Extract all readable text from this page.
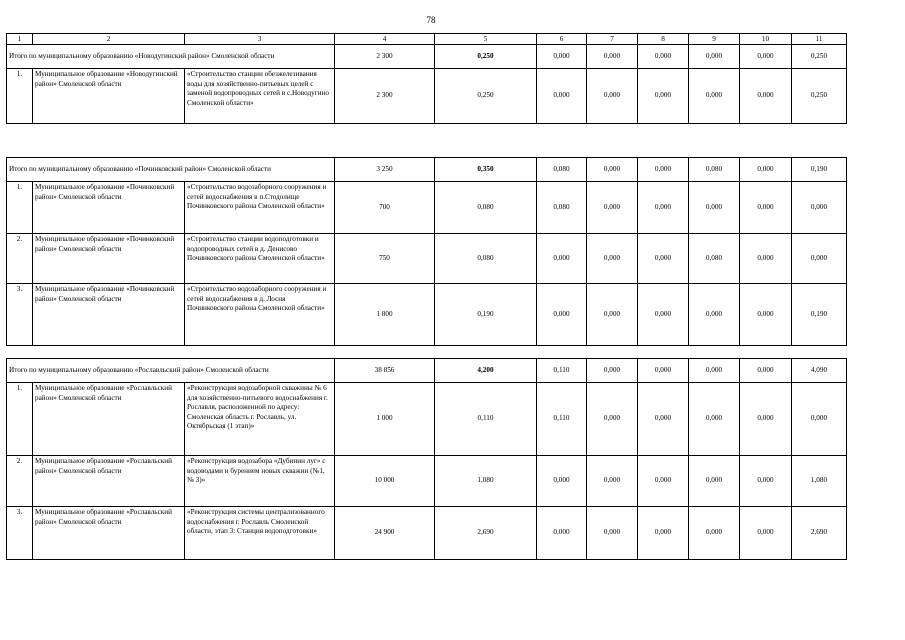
78
1	2	3	4	5	6	7	8	9	10	11
Итого по муниципальному образованию «Новодугинский район» Смоленской области			2 300	0,250	0,000	0,000	0,000	0,000	0,000	0,250
1.	Муниципальное образование «Новодугинский район» Смоленской области	«Строительство станции обезжелезивания воды для хозяйственно-питьевых целей с заменой водопроводных сетей в с.Новодугино Смоленской области»	2 300	0,250	0,000	0,000	0,000	0,000	0,000	0,250

Итого по муниципальному образованию «Починковский район» Смоленской области			3 250	0,350	0,080	0,000	0,000	0,080	0,000	0,190
1.	Муниципальное образование «Починковский район» Смоленской области	«Строительство водозаборного сооружения и сетей водоснабжения в п.Стодолище Починковского района Смоленской области»	700	0,080	0,080	0,000	0,000	0,000	0,000	0,000
2.	Муниципальное образование «Починковский район» Смоленской области	«Строительство станции водоподготовки и водопроводных сетей в д. Денисово Починковского района Смоленской области»	750	0,080	0,000	0,000	0,000	0,080	0,000	0,000
3.	Муниципальное образование «Починковский район» Смоленской области	«Строительство водозаборного сооружения и сетей водоснабжения в д. Лосня Починковского района Смоленской области»	1 800	0,190	0,000	0,000	0,000	0,000	0,000	0,190

Итого по муниципальному образованию «Рославльский район» Смоленской области			38 856	4,200	0,110	0,000	0,000	0,000	0,000	4,090
1.	Муниципальное образование «Рославльский район» Смоленской области	«Реконструкция водозаборной скважины № 6 для хозяйственно-питьевого водоснабжения г. Рославля, расположенной по адресу: Смоленская область г. Рославль, ул. Октябрьская (1 этап)»	1 000	0,110	0,110	0,000	0,000	0,000	0,000	0,000
2.	Муниципальное образование «Рославльский район» Смоленской области	«Реконструкция водозабора «Дубинин луг» с водоводами и бурением новых скважин (№1, № 3)»	10 000	1,080	0,000	0,000	0,000	0,000	0,000	1,080
3.	Муниципальное образование «Рославльский район» Смоленской области	«Реконструкция системы централизованного водоснабжения г. Рославль Смоленской области, этап 3: Станция водоподготовки»	24 900	2,690	0,000	0,000	0,000	0,000	0,000	2,690
